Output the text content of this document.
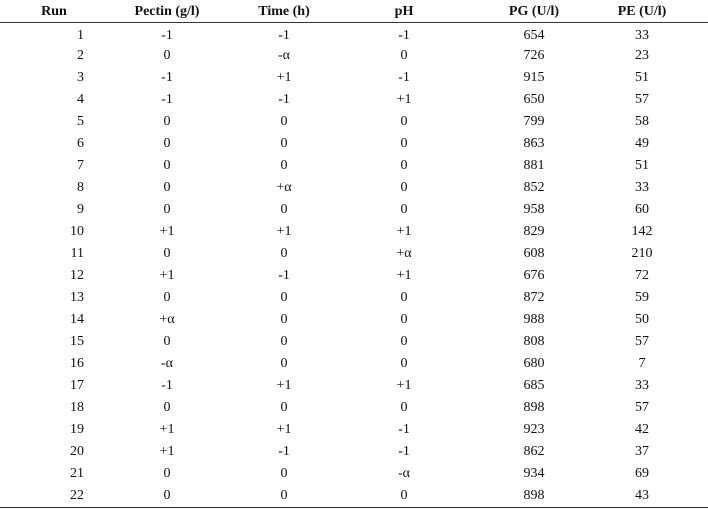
Run	Pectin (g/l)	Time (h)	pH	PG (U/l)	PE (U/l)
1	-1	-1	-1	654	33
2	0	-α	0	726	23
3	-1	+1	-1	915	51
4	-1	-1	+1	650	57
5	0	0	0	799	58
6	0	0	0	863	49
7	0	0	0	881	51
8	0	+α	0	852	33
9	0	0	0	958	60
10	+1	+1	+1	829	142
11	0	0	+α	608	210
12	+1	-1	+1	676	72
13	0	0	0	872	59
14	+α	0	0	988	50
15	0	0	0	808	57
16	-α	0	0	680	7
17	-1	+1	+1	685	33
18	0	0	0	898	57
19	+1	+1	-1	923	42
20	+1	-1	-1	862	37
21	0	0	-α	934	69
22	0	0	0	898	43
